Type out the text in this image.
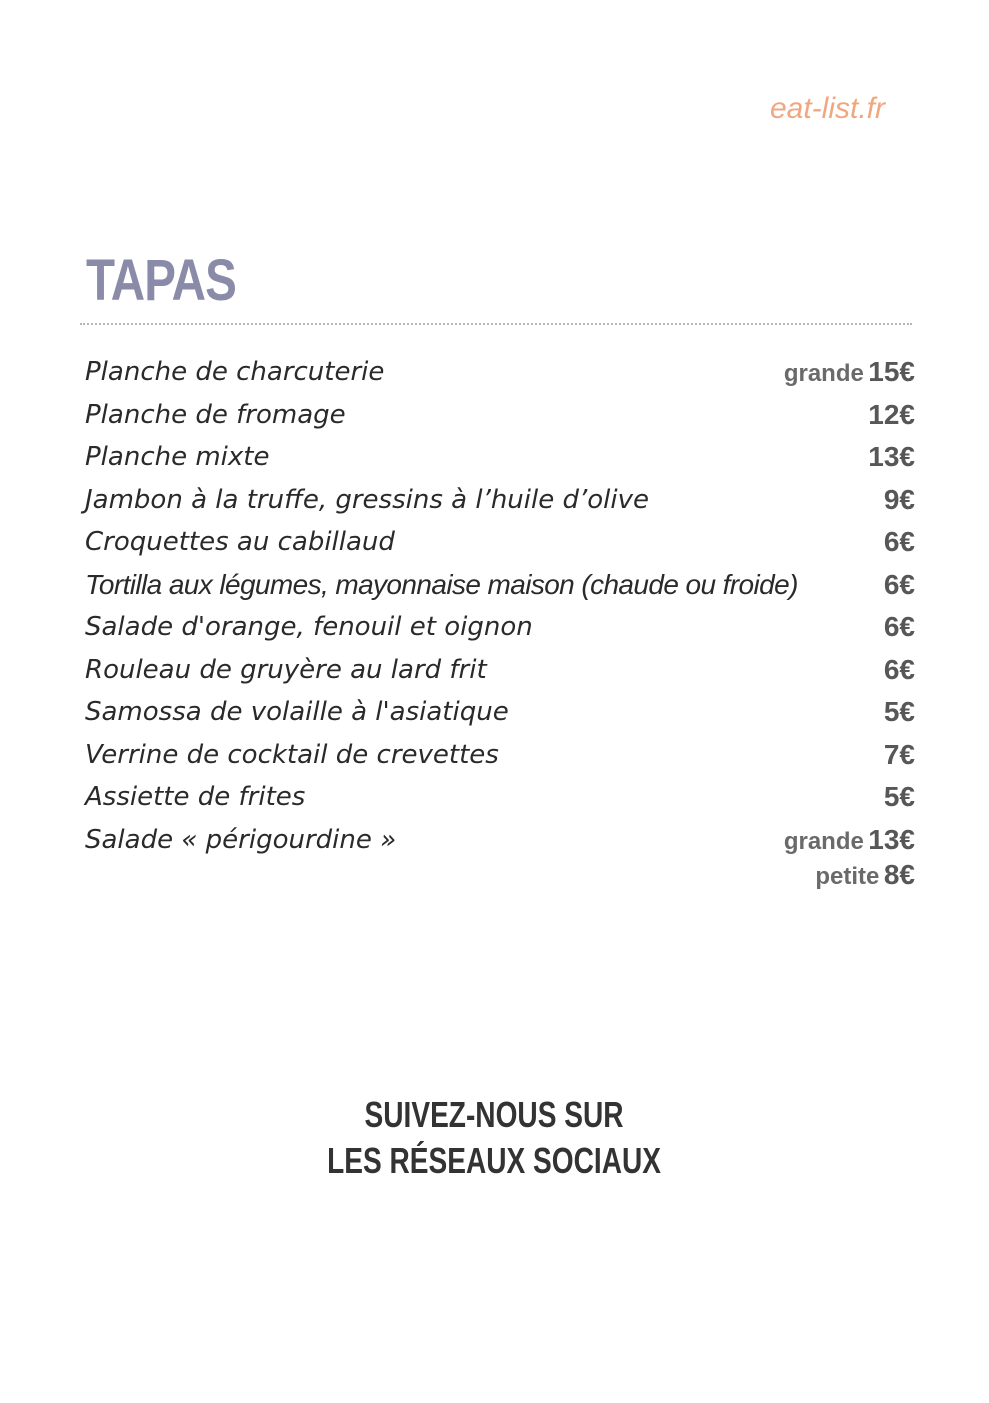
eat-list.fr
TAPAS
Planche de charcuterie	grande 15€
Planche de fromage	12€
Planche mixte	13€
Jambon à la truffe, gressins à l’huile d’olive	9€
Croquettes au cabillaud	6€
Tortilla aux légumes, mayonnaise maison (chaude ou froide)	6€
Salade d'orange, fenouil et oignon	6€
Rouleau de gruyère au lard frit	6€
Samossa de volaille à l'asiatique	5€
Verrine de cocktail de crevettes	7€
Assiette de frites	5€
Salade « périgourdine »	grande 13€
petite 8€
SUIVEZ-NOUS SUR
LES RÉSEAUX SOCIAUX
